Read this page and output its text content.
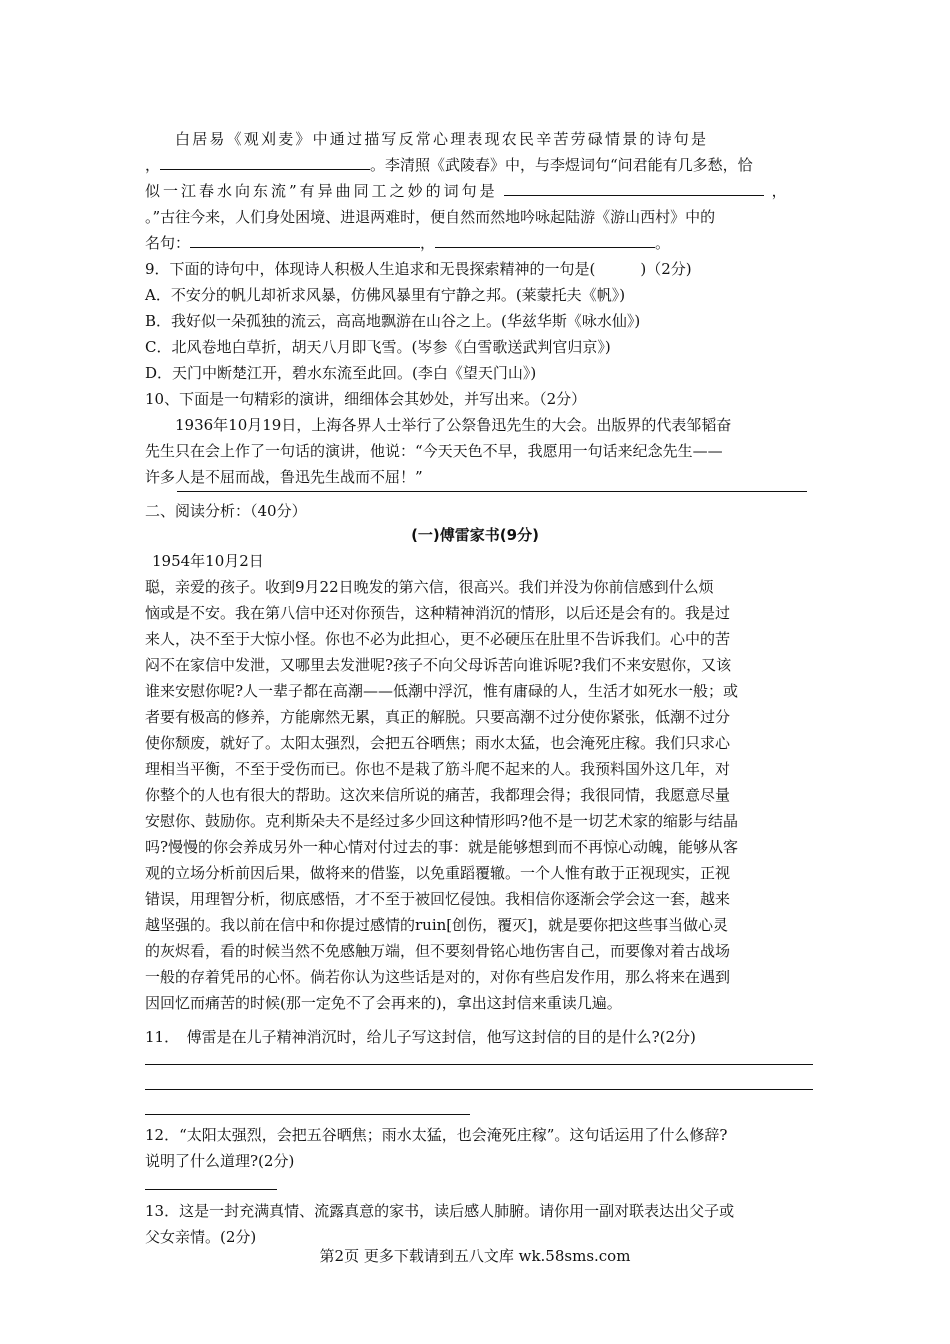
白居易《观刈麦》中通过描写反常心理表现农民辛苦劳碌情景的诗句是
，	。李清照《武陵春》中，与李煜词句“问君能有几多愁，恰
似一江春水向东流”有异曲同工之妙的词句是	，
。”古往今来，人们身处困境、进退两难时，便自然而然地吟咏起陆游《游山西村》中的
名句：	，	。
9．下面的诗句中，体现诗人积极人生追求和无畏探索精神的一句是(　　　)（2分)
A．不安分的帆儿却祈求风暴，仿佛风暴里有宁静之邦。(莱蒙托夫《帆》)
B．我好似一朵孤独的流云，高高地飘游在山谷之上。(华兹华斯《咏水仙》)
C．北风卷地白草折，胡天八月即飞雪。(岑参《白雪歌送武判官归京》)
D．天门中断楚江开，碧水东流至此回。(李白《望天门山》)
10、下面是一句精彩的演讲，细细体会其妙处，并写出来。（2分）
1936年10月19日，上海各界人士举行了公祭鲁迅先生的大会。出版界的代表邹韬奋
先生只在会上作了一句话的演讲，他说：“今天天色不早，我愿用一句话来纪念先生——
许多人是不屈而战，鲁迅先生战而不屈！”
二、阅读分析：（40分）
(一)傅雷家书(9分)
1954年10月2日

聪，亲爱的孩子。收到9月22日晚发的第六信，很高兴。我们并没为你前信感到什么烦

恼或是不安。我在第八信中还对你预告，这种精神消沉的情形，以后还是会有的。我是过

来人，决不至于大惊小怪。你也不必为此担心，更不必硬压在肚里不告诉我们。心中的苦

闷不在家信中发泄，又哪里去发泄呢?孩子不向父母诉苦向谁诉呢?我们不来安慰你，又该

谁来安慰你呢?人一辈子都在高潮——低潮中浮沉，惟有庸碌的人，生活才如死水一般；或

者要有极高的修养，方能廓然无累，真正的解脱。只要高潮不过分使你紧张，低潮不过分

使你颓废，就好了。太阳太强烈，会把五谷晒焦；雨水太猛，也会淹死庄稼。我们只求心

理相当平衡，不至于受伤而已。你也不是栽了筋斗爬不起来的人。我预料国外这几年，对

你整个的人也有很大的帮助。这次来信所说的痛苦，我都理会得；我很同情，我愿意尽量

安慰你、鼓励你。克利斯朵夫不是经过多少回这种情形吗?他不是一切艺术家的缩影与结晶

吗?慢慢的你会养成另外一种心情对付过去的事：就是能够想到而不再惊心动魄，能够从客

观的立场分析前因后果，做将来的借鉴，以免重蹈覆辙。一个人惟有敢于正视现实，正视

错误，用理智分析，彻底感悟，才不至于被回忆侵蚀。我相信你逐渐会学会这一套，越来

越坚强的。我以前在信中和你提过感情的ruin[创伤，覆灭]，就是要你把这些事当做心灵

的灰烬看，看的时候当然不免感触万端，但不要刻骨铭心地伤害自己，而要像对着古战场

一般的存着凭吊的心怀。倘若你认为这些话是对的，对你有些启发作用，那么将来在遇到

因回忆而痛苦的时候(那一定免不了会再来的)，拿出这封信来重读几遍。

11．　傅雷是在儿子精神消沉时，给儿子写这封信，他写这封信的目的是什么?(2分)
12．“太阳太强烈，会把五谷晒焦；雨水太猛，也会淹死庄稼”。这句话运用了什么修辞?
说明了什么道理?(2分)
13．这是一封充满真情、流露真意的家书，读后感人肺腑。请你用一副对联表达出父子或
父女亲情。(2分)
第2页 更多下载请到五八文库 wk.58sms.com
